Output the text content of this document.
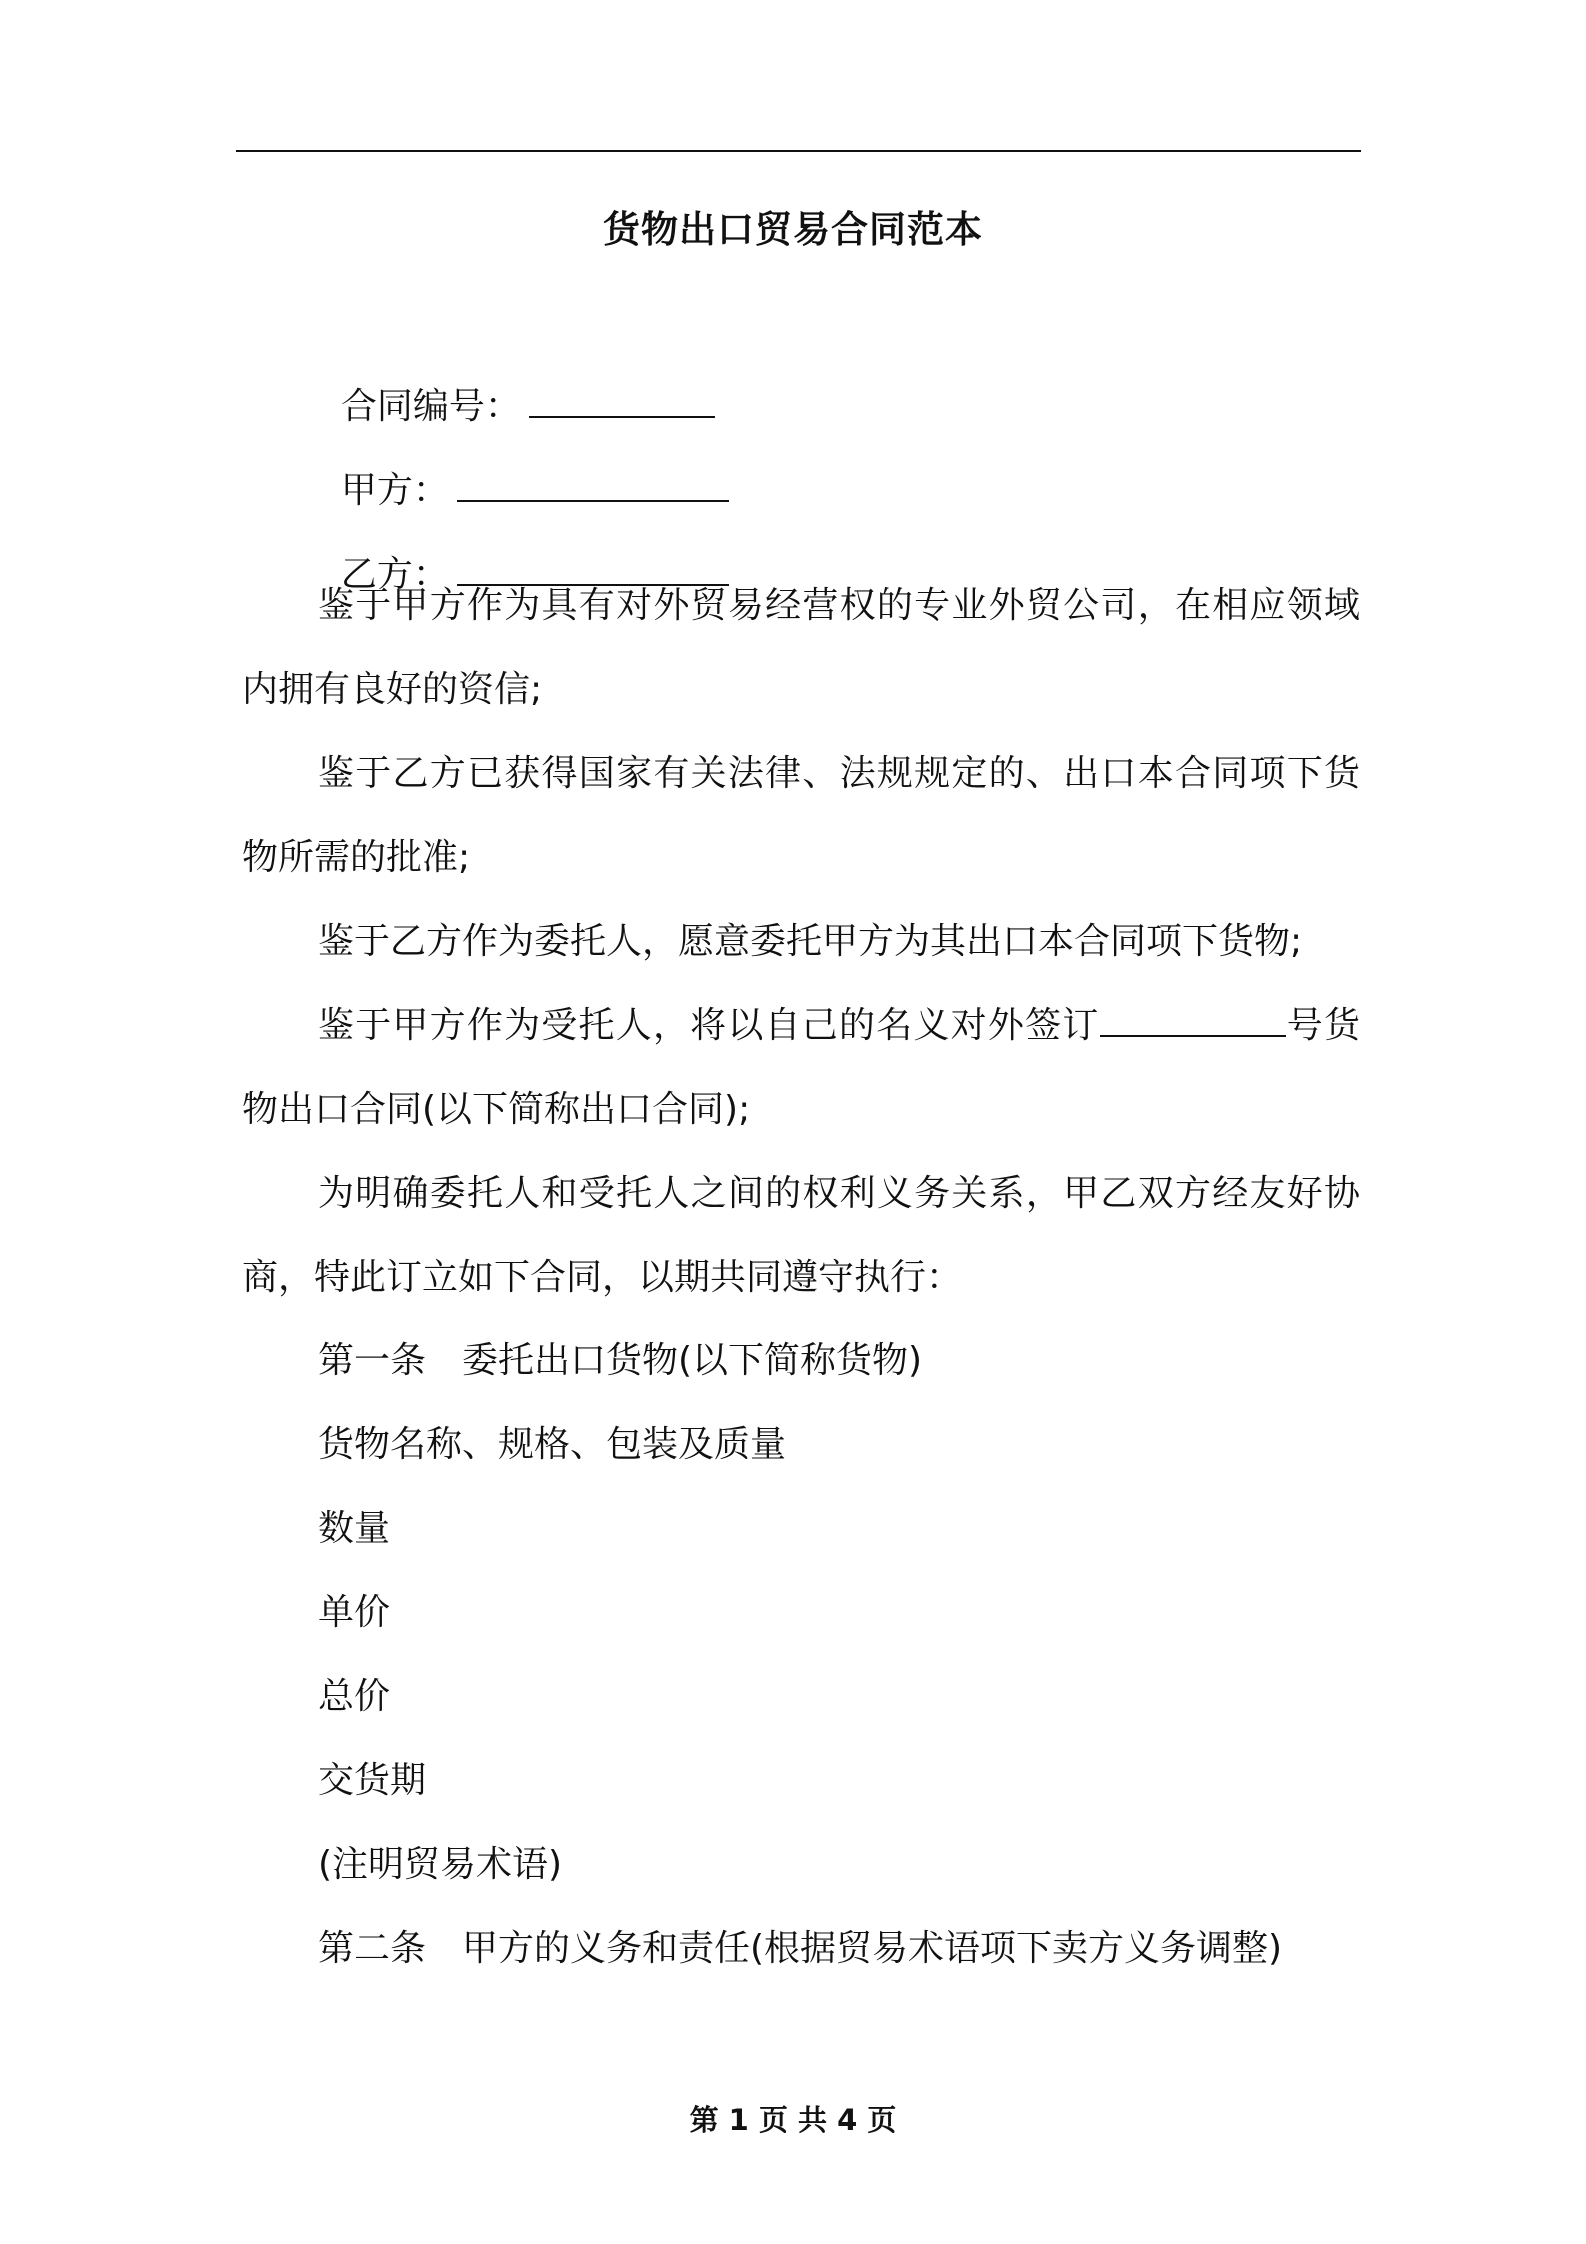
货物出口贸易合同范本

合同编号：

甲方：

乙方：

鉴于甲方作为具有对外贸易经营权的专业外贸公司，在相应领域内拥有良好的资信;
鉴于乙方已获得国家有关法律、法规规定的、出口本合同项下货物所需的批准;
鉴于乙方作为委托人，愿意委托甲方为其出口本合同项下货物;
鉴于甲方作为受托人，将以自己的名义对外签订	号货物出口合同(以下简称出口合同);
为明确委托人和受托人之间的权利义务关系，甲乙双方经友好协商，特此订立如下合同，以期共同遵守执行：
第一条　委托出口货物(以下简称货物)
货物名称、规格、包装及质量
数量
单价
总价
交货期
(注明贸易术语)
第二条　甲方的义务和责任(根据贸易术语项下卖方义务调整)
第 1 页 共 4 页
